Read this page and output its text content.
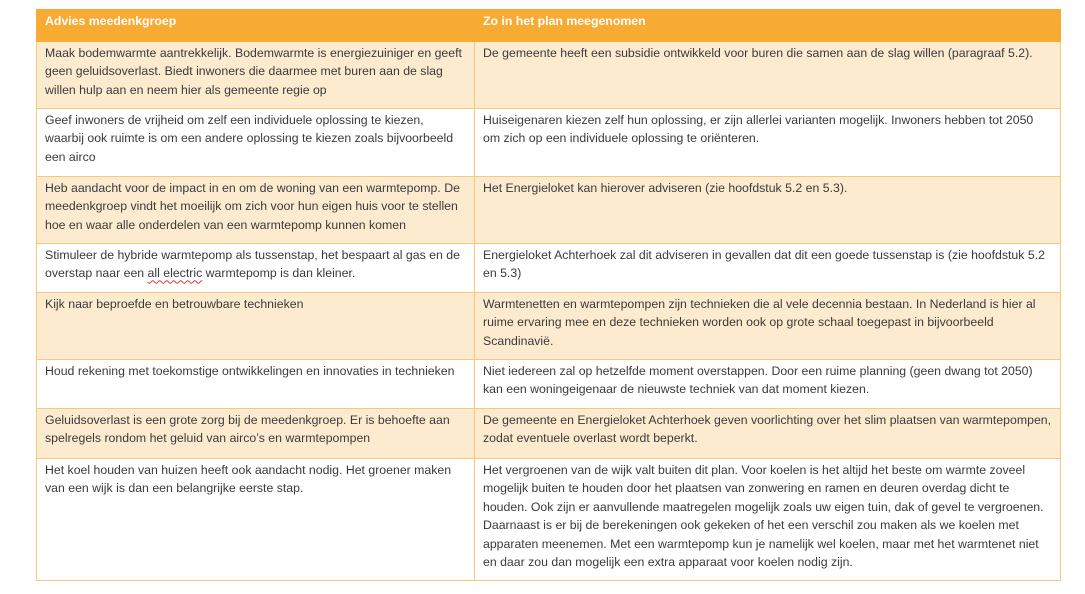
Advies meedenkgroep	Zo in het plan meegenomen
Maak bodemwarmte aantrekkelijk. Bodemwarmte is energiezuiniger en geeft geen geluidsoverlast. Biedt inwoners die daarmee met buren aan de slag willen hulp aan en neem hier als gemeente regie op	De gemeente heeft een subsidie ontwikkeld voor buren die samen aan de slag willen (paragraaf 5.2).
Geef inwoners de vrijheid om zelf een individuele oplossing te kiezen, waarbij ook ruimte is om een andere oplossing te kiezen zoals bijvoorbeeld een airco	Huiseigenaren kiezen zelf hun oplossing, er zijn allerlei varianten mogelijk. Inwoners hebben tot 2050 om zich op een individuele oplossing te oriënteren.
Heb aandacht voor de impact in en om de woning van een warmtepomp. De meedenkgroep vindt het moeilijk om zich voor hun eigen huis voor te stellen hoe en waar alle onderdelen van een warmtepomp kunnen komen	Het Energieloket kan hierover adviseren (zie hoofdstuk 5.2 en 5.3).
Stimuleer de hybride warmtepomp als tussenstap, het bespaart al gas en de overstap naar een all electric warmtepomp is dan kleiner.	Energieloket Achterhoek zal dit adviseren in gevallen dat dit een goede tussenstap is (zie hoofdstuk 5.2 en 5.3)
Kijk naar beproefde en betrouwbare technieken	Warmtenetten en warmtepompen zijn technieken die al vele decennia bestaan. In Nederland is hier al ruime ervaring mee en deze technieken worden ook op grote schaal toegepast in bijvoorbeeld Scandinavië.
Houd rekening met toekomstige ontwikkelingen en innovaties in technieken	Niet iedereen zal op hetzelfde moment overstappen. Door een ruime planning (geen dwang tot 2050) kan een woningeigenaar de nieuwste techniek van dat moment kiezen.
Geluidsoverlast is een grote zorg bij de meedenkgroep. Er is behoefte aan spelregels rondom het geluid van airco’s en warmtepompen	De gemeente en Energieloket Achterhoek geven voorlichting over het slim plaatsen van warmtepompen, zodat eventuele overlast wordt beperkt.
Het koel houden van huizen heeft ook aandacht nodig. Het groener maken van een wijk is dan een belangrijke eerste stap.	Het vergroenen van de wijk valt buiten dit plan. Voor koelen is het altijd het beste om warmte zoveel mogelijk buiten te houden door het plaatsen van zonwering en ramen en deuren overdag dicht te houden. Ook zijn er aanvullende maatregelen mogelijk zoals uw eigen tuin, dak of gevel te vergroenen. Daarnaast is er bij de berekeningen ook gekeken of het een verschil zou maken als we koelen met apparaten meenemen. Met een warmtepomp kun je namelijk wel koelen, maar met het warmtenet niet en daar zou dan mogelijk een extra apparaat voor koelen nodig zijn.
